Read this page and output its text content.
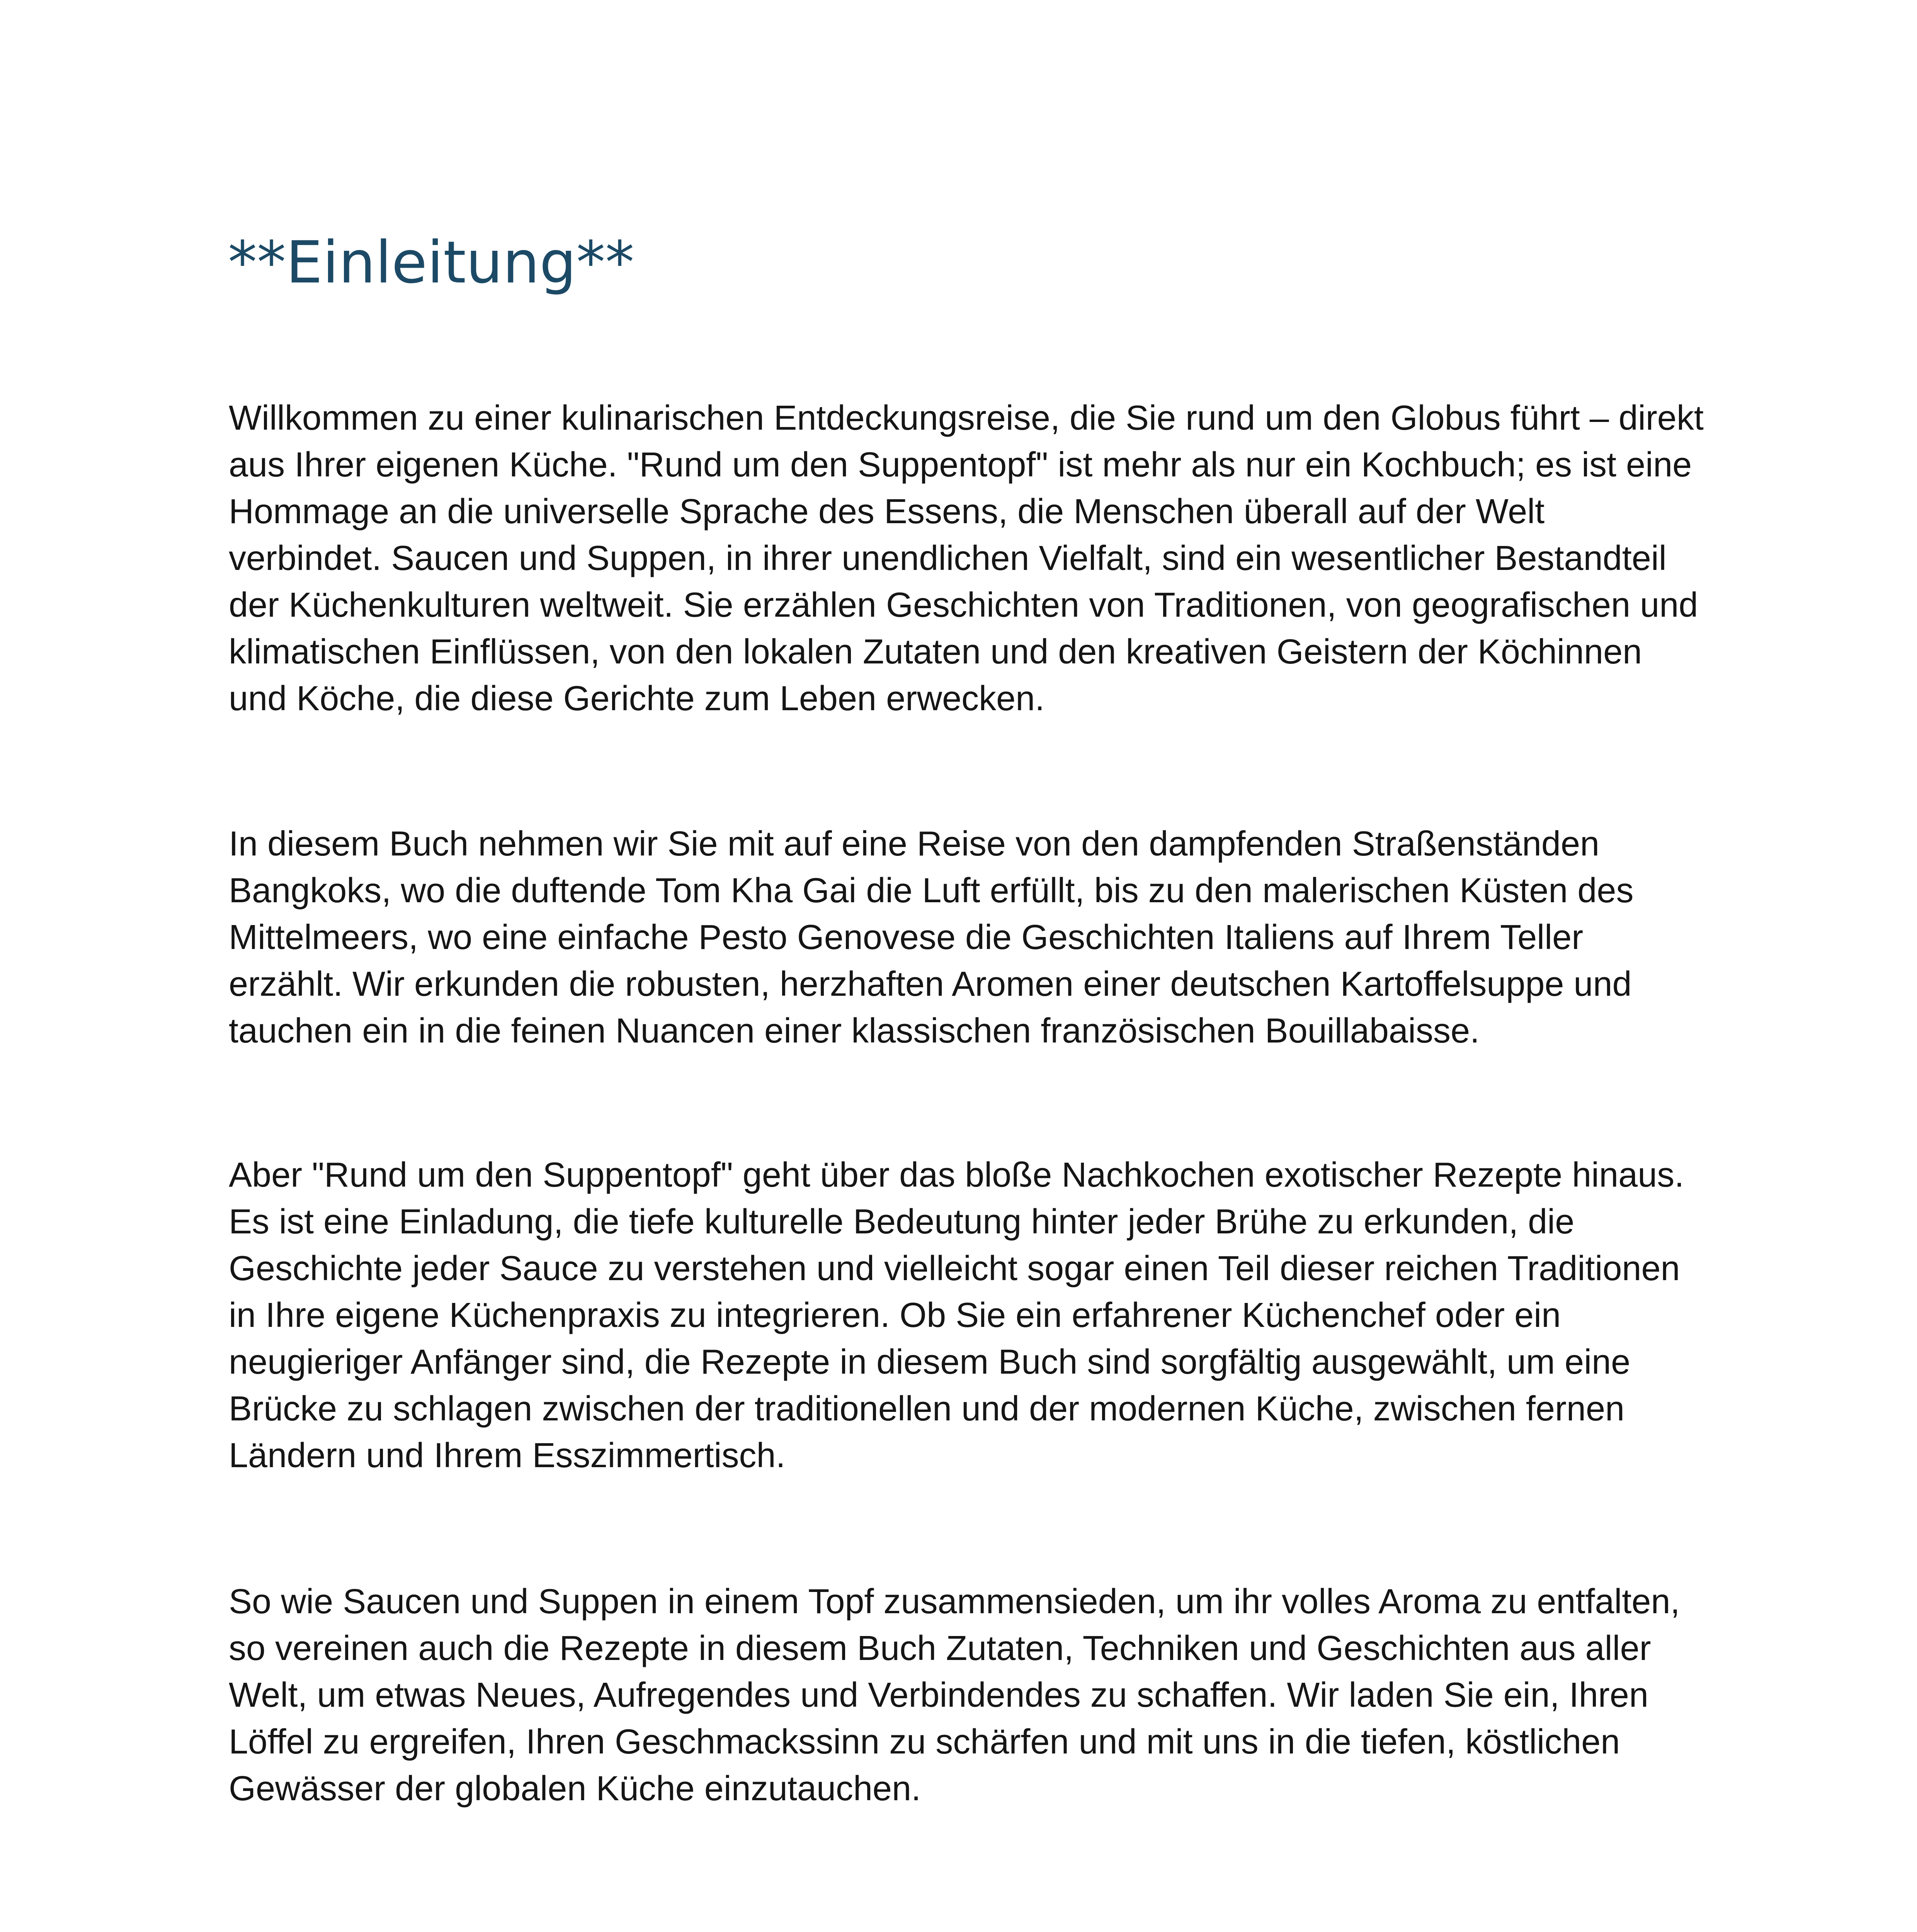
**Einleitung**

Willkommen zu einer kulinarischen Entdeckungsreise, die Sie rund um den Globus führt – direkt aus Ihrer eigenen Küche. "Rund um den Suppentopf" ist mehr als nur ein Kochbuch; es ist eine Hommage an die universelle Sprache des Essens, die Menschen überall auf der Welt verbindet. Saucen und Suppen, in ihrer unendlichen Vielfalt, sind ein wesentlicher Bestandteil der Küchenkulturen weltweit. Sie erzählen Geschichten von Traditionen, von geografischen und klimatischen Einflüssen, von den lokalen Zutaten und den kreativen Geistern der Köchinnen und Köche, die diese Gerichte zum Leben erwecken.

In diesem Buch nehmen wir Sie mit auf eine Reise von den dampfenden Straßenständen Bangkoks, wo die duftende Tom Kha Gai die Luft erfüllt, bis zu den malerischen Küsten des Mittelmeers, wo eine einfache Pesto Genovese die Geschichten Italiens auf Ihrem Teller erzählt. Wir erkunden die robusten, herzhaften Aromen einer deutschen Kartoffelsuppe und tauchen ein in die feinen Nuancen einer klassischen französischen Bouillabaisse.

Aber "Rund um den Suppentopf" geht über das bloße Nachkochen exotischer Rezepte hinaus. Es ist eine Einladung, die tiefe kulturelle Bedeutung hinter jeder Brühe zu erkunden, die Geschichte jeder Sauce zu verstehen und vielleicht sogar einen Teil dieser reichen Traditionen in Ihre eigene Küchenpraxis zu integrieren. Ob Sie ein erfahrener Küchenchef oder ein neugieriger Anfänger sind, die Rezepte in diesem Buch sind sorgfältig ausgewählt, um eine Brücke zu schlagen zwischen der traditionellen und der modernen Küche, zwischen fernen Ländern und Ihrem Esszimmertisch.

So wie Saucen und Suppen in einem Topf zusammensieden, um ihr volles Aroma zu entfalten, so vereinen auch die Rezepte in diesem Buch Zutaten, Techniken und Geschichten aus aller Welt, um etwas Neues, Aufregendes und Verbindendes zu schaffen. Wir laden Sie ein, Ihren Löffel zu ergreifen, Ihren Geschmackssinn zu schärfen und mit uns in die tiefen, köstlichen Gewässer der globalen Küche einzutauchen.
